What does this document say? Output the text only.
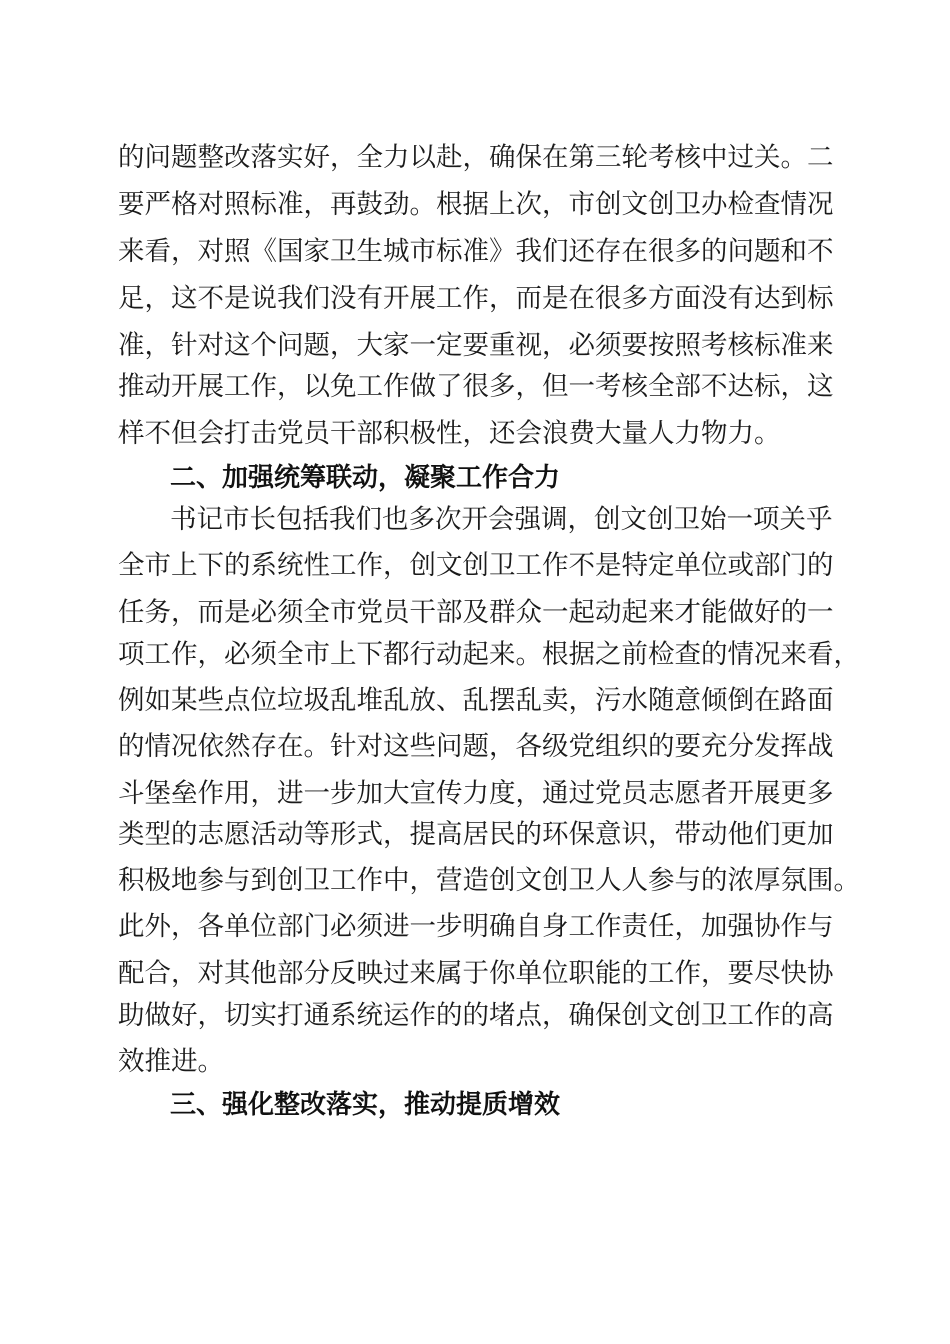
的问题整改落实好，全力以赴，确保在第三轮考核中过关。二
要严格对照标准，再鼓劲。根据上次，市创文创卫办检查情况
来看，对照《国家卫生城市标准》我们还存在很多的问题和不
足，这不是说我们没有开展工作，而是在很多方面没有达到标
准，针对这个问题，大家一定要重视，必须要按照考核标准来
推动开展工作，以免工作做了很多，但一考核全部不达标，这
样不但会打击党员干部积极性，还会浪费大量人力物力。
二、加强统筹联动，凝聚工作合力
书记市长包括我们也多次开会强调，创文创卫始一项关乎
全市上下的系统性工作，创文创卫工作不是特定单位或部门的
任务，而是必须全市党员干部及群众一起动起来才能做好的一
项工作，必须全市上下都行动起来。根据之前检查的情况来看，
例如某些点位垃圾乱堆乱放、乱摆乱卖，污水随意倾倒在路面
的情况依然存在。针对这些问题，各级党组织的要充分发挥战
斗堡垒作用，进一步加大宣传力度，通过党员志愿者开展更多
类型的志愿活动等形式，提高居民的环保意识，带动他们更加
积极地参与到创卫工作中，营造创文创卫人人参与的浓厚氛围。
此外，各单位部门必须进一步明确自身工作责任，加强协作与
配合，对其他部分反映过来属于你单位职能的工作，要尽快协
助做好，切实打通系统运作的的堵点，确保创文创卫工作的高
效推进。
三、强化整改落实，推动提质增效
